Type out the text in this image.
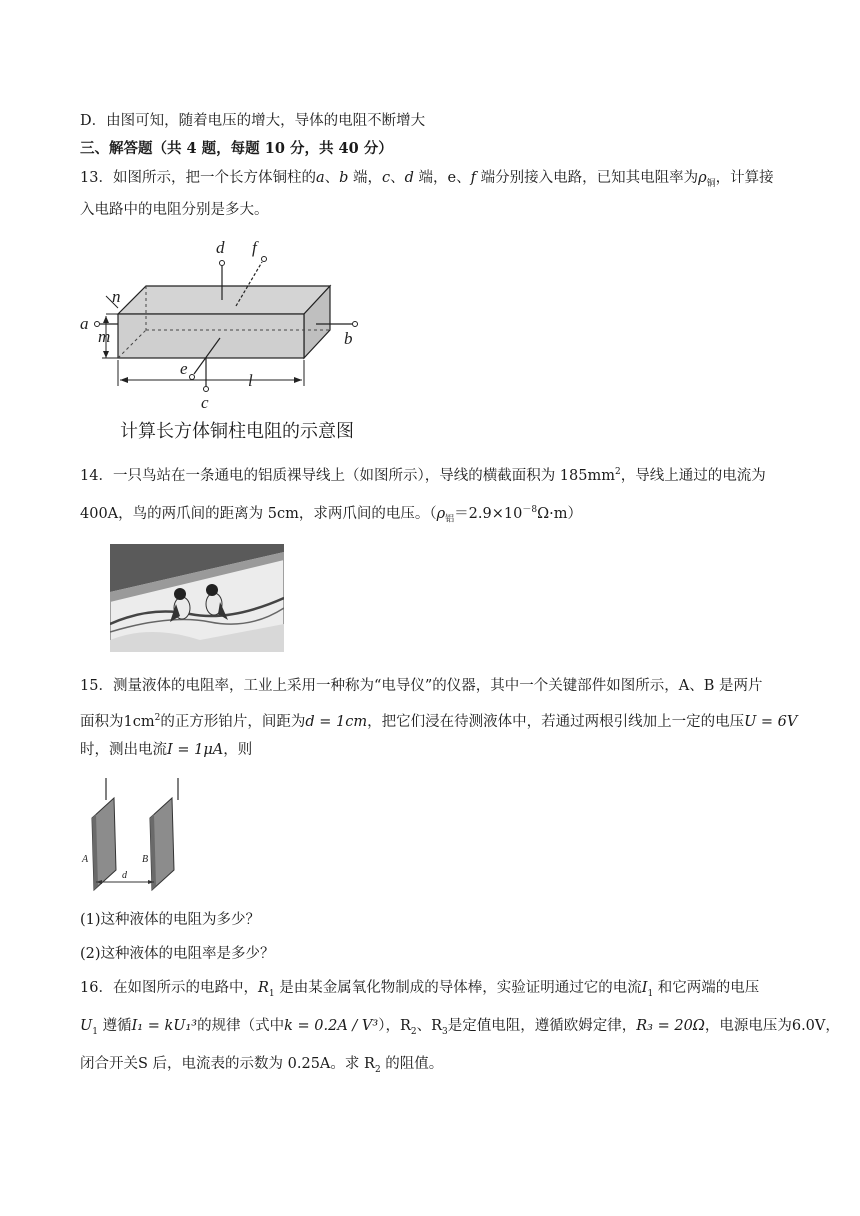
D．由图可知，随着电压的增大，导体的电阻不断增大
三、解答题（共 4 题，每题 10 分，共 40 分）
13．如图所示，把一个长方体铜柱的a、b 端，c、d 端，e、f 端分别接入电路，已知其电阻率为$\rho_铜$，计算接
入电路中的电阻分别是多大。
d f
n
a
m	b
e
l
c
计算长方体铜柱电阻的示意图
14．一只鸟站在一条通电的铝质裸导线上（如图所示），导线的横截面积为 $185mm^2$，导线上通过的电流为
400A，鸟的两爪间的距离为 5cm，求两爪间的电压。$(\rho_铝=2.9\times 10^{-8}\Omega\cdot m)$
15．测量液体的电阻率，工业上采用一种称为“电导仪”的仪器，其中一个关键部件如图所示，A、B 是两片
面积为$1cm^2$的正方形铂片，间距为d = 1cm，把它们浸在待测液体中，若通过两根引线加上一定的电压U = 6V
时，测出电流I = 1μA，则
A	B
d
(1)这种液体的电阻为多少？
(2)这种液体的电阻率是多少？
16．在如图所示的电路中，$R_1$ 是由某金属氧化物制成的导体棒，实验证明通过它的电流$I_1$ 和它两端的电压
$U_1$ 遵循I₁ = kU₁³的规律（式中k = 0.2A / V³），$R_2$、$R_3$是定值电阻，遵循欧姆定律，R₃ = 20Ω，电源电压为6.0V，
闭合开关S 后，电流表的示数为 0.25A。求 $R_2$ 的阻值。
